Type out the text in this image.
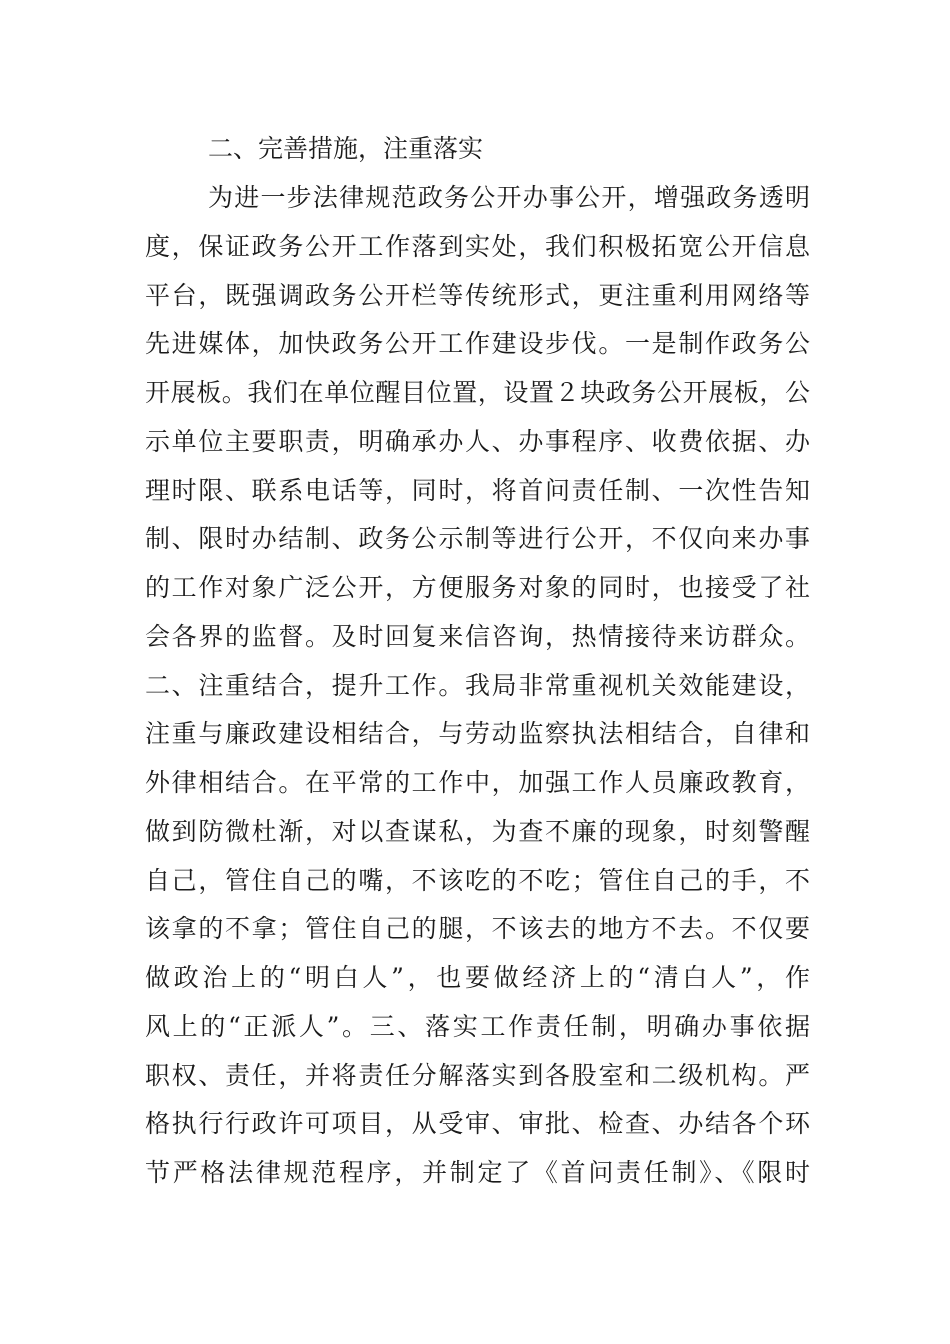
二、完善措施，注重落实
为进一步法律规范政务公开办事公开，增强政务透明
度，保证政务公开工作落到实处，我们积极拓宽公开信息
平台，既强调政务公开栏等传统形式，更注重利用网络等
先进媒体，加快政务公开工作建设步伐。一是制作政务公
开展板。我们在单位醒目位置，设置２块政务公开展板，公
示单位主要职责，明确承办人、办事程序、收费依据、办
理时限、联系电话等，同时，将首问责任制、一次性告知
制、限时办结制、政务公示制等进行公开，不仅向来办事
的工作对象广泛公开，方便服务对象的同时，也接受了社
会各界的监督。及时回复来信咨询，热情接待来访群众。
二、注重结合，提升工作。我局非常重视机关效能建设，
注重与廉政建设相结合，与劳动监察执法相结合，自律和
外律相结合。在平常的工作中，加强工作人员廉政教育，
做到防微杜渐，对以查谋私，为查不廉的现象，时刻警醒
自己，管住自己的嘴，不该吃的不吃；管住自己的手，不
该拿的不拿；管住自己的腿，不该去的地方不去。不仅要
做政治上的“明白人”，也要做经济上的“清白人”，作
风上的“正派人”。三、落实工作责任制，明确办事依据
职权、责任，并将责任分解落实到各股室和二级机构。严
格执行行政许可项目，从受审、审批、检查、办结各个环
节严格法律规范程序，并制定了《首问责任制》、《限时
